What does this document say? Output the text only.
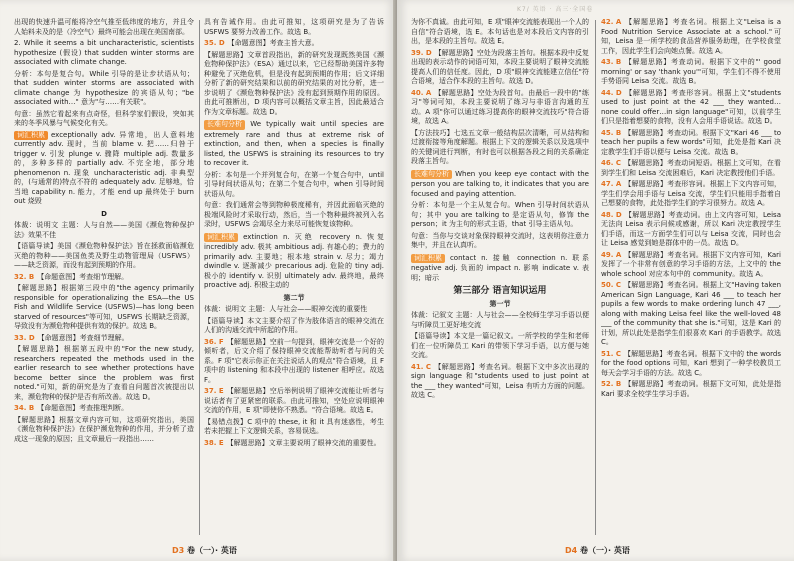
出现的快速升温可能将冷空气推至低纬度的地方，并且令人始料未及的是（冷空气）最终可能会出现在美国南部。
2. While it seems a bit uncharacteristic, scientists hypothesize (假设) that sudden winter storms are associated with climate change.
分析：本句是复合句。While 引导的是让步状语从句；that sudden winter storms are associated with climate change 为 hypothesize 的宾语从句；"be associated with…" 意为"与……有关联"。
句意：虽然它看起来有点奇怪，但科学家们假设，突如其来的冬季风暴与气候变化有关。
词汇积累 exceptionally adv. 异常地，出人意料地 currently adv. 现时，当前 blame v. 把……归咎于 trigger v. 引发 plunge v. 骤降 multiple adj. 数量多的，多种多样的 partially adv. 不完全地，部分地 phenomenon n. 现象 uncharacteristic adj. 非典型的，(与通常的)特点不符的 adequately adv. 足够地，恰当地 capability n. 能力，才能 end up 最终处于 burn out 烧毁
D
体裁：说明文 主题：人与自然——美国《濒危物种保护法》效果不佳
【语篇导读】美国《濒危物种保护法》旨在拯救面临濒危灭绝的物种——美国鱼类及野生动物管理局（USFWS）——缺乏资源，而没有起到预期的作用。
32. B 【命题意图】考查细节理解。
【解题思路】根据第三段中的"the agency primarily responsible for operationalizing the ESA—the US Fish and Wildlife Service (USFWS)—has long been starved of resources"等可知，USFWS 长期缺乏资源，导致没有为濒危物种提供有效的保护。故选 B。
33. D 【命题意图】考查细节理解。
【解题思路】根据第五段中的"For the new study, researchers repeated the methods used in the earlier research to see whether protections have become better since the problem was first noted."可知，新的研究是为了查看自问题首次被提出以来，濒危物种的保护是否有所改善。故选 D。
34. B 【命题意图】考查推理判断。
【解题思路】根据文章内容可知，这项研究指出，美国《濒危物种保护法》在保护濒危物种的作用，并分析了造成这一现象的原因；且文章最后一段指出……
具有告诫作用。由此可推知，这项研究是为了告诉 USFWS 要努力改善工作。故选 B。
35. D 【命题意图】考查主旨大意。
【解题思路】文章首段指出，新的研究发现既然美国《濒危物种保护法》（ESA）通过以来，它已经帮助美国许多物种避免了灭绝危机，但是没有起到预期的作用；后文详细分析了新的研究结果和以前的研究结果的对比分析，进一步说明了《濒危物种保护法》没有起到预期作用的原因。由此可推断出，D 项内容可以概括文章主旨，因此最适合作为文章标题。故选 D。
长难句分析 We typically wait until species are extremely rare and thus at extreme risk of extinction, and then, when a species is finally listed, the USFWS is straining its resources to try to recover it.
分析：本句是一个并列复合句，在第一个复合句中，until 引导时间状语从句；在第二个复合句中，when 引导时间状语从句。
句意：我们通常会等到物种极度稀有，并因此面临灭绝的极端风险时才采取行动，然后，当一个物种最终被列入名录时，USFWS 会竭尽全力来尽可能恢复该物种。
词汇积累 extinction n. 灭绝 recovery n. 恢复 incredibly adv. 极其 ambitious adj. 有雄心的；费力的 primarily adv. 主要地；根本地 strain v. 尽力；竭力 dwindle v. 逐渐减少 precarious adj. 危险的 tiny adj. 极小的 identify v. 识别 ultimately adv. 最终地，最终 proactive adj. 积极主动的
第二节
体裁：说明文 主题：人与社会——眼神交流的重要性
【语篇导读】本文主要介绍了作为肢体语言的眼神交流在人们的沟通交流中所起的作用。
36. F 【解题思路】空前一句提到，眼神交流是一个好的倾听者，后文介绍了保持眼神交流能帮助听者与问的关系。F 项"它表示你正在关注说话人的观点"符合语境，且 F 项中的 listening 和本段中出现的 listener 相呼应。故选 F。
37. E 【解题思路】空后举例说明了眼神交流能让听者与说话者有了更紧密的联系。由此可推知，空处应说明眼神交流的作用，E 项"即使你不熟悉。"符合语境。故选 E。
【易错点拨】C 项中的 these, it 和 it 具有迷惑性，考生若未把握上下文逻辑关系，容易误选。
38. E 【解题思路】文章主要说明了眼神交流的重要性。
D3 卷（一）· 英语
K7/ 英语 · 高三·全国卷
为你不真诚。由此可知，E 项"眼神交流能表现出一个人的自信"符合语境，选 E。本句话也是对本段后文内容的引出，是本段的主旨句。故选 E。
39. D 【解题思路】空处为段落主旨句。根据本段中反复出现的表示动作的词语可知，本段主要说明了眼神交流能提高人们的信任度。因此，D 项"眼神交流能建立信任"符合语境，适合作本段的主旨句。故选 D。
40. A 【解题思路】空处为段首句。由最后一段中的"练习"等词可知，本段主要说明了练习与非语言沟通的互动。A 项"你可以通过练习提高你的眼神交流技巧"符合语境，故选 A。
【方法技巧】七选五文章一般结构层次清晰，可从结构和过渡衔接等角度解题。根据上下文的逻辑关系以及选项中的关键词进行判断，有时也可以根据各段之间的关系确定段落主旨句。
长难句分析 When you keep eye contact with the person you are talking to, it indicates that you are focused and paying attention.
分析：本句是一个主从复合句。When 引导时间状语从句；其中 you are talking to 是定语从句，修饰 the person；it 为主句的形式主语，that 引导主语从句。
句意：当你与交谈对象保持眼神交流时，这表明你注意力集中，并且在认真听。
词汇积累 contact n. 接触 connection n. 联系 negative adj. 负面的 impact n. 影响 indicate v. 表明；暗示
第三部分 语言知识运用
第一节
体裁：记叙文 主题：人与社会——全校师生学习手语以便与听障员工更好地交流
【语篇导读】本文是一篇记叙文。一所学校的学生和老师们在一位听障员工 Kari 的带领下学习手语，以方便与她交流。
41. C 【解题思路】考查名词。根据下文中多次出现的 sign language 和"students used to just point at the ___ they wanted"可知，Leisa 有听力方面的问题。故选 C。
42. A 【解题思路】考查名词。根据上文"Leisa is a Food Nutrition Service Associate at a school."可知，Leisa 是一所学校的食品营养服务助理，在学校食堂工作，因此学生们会向她点餐。故选 A。
43. B 【解题思路】考查动词。根据下文中的"' good morning' or say 'thank you'"可知，学生们不得不使用手势语同 Leisa 交流。故选 B。
44. D 【解题思路】考查形容词。根据上文"students used to just point at the 42 ___ they wanted… none could offer…in sign language"可知，以前学生们只是指着想要的食物，没有人会用手语说话。故选 D。
45. B 【解题思路】考查动词。根据下文"Kari 46 ___ to teach her pupils a few words"可知，此处是指 Kari 决定教学生们手语以便与 Leisa 交流。故选 B。
46. C 【解题思路】考查动词短语。根据上文可知，在看到学生们和 Leisa 交流困难后，Kari 决定教授他们手语。
47. A 【解题思路】考查形容词。根据上下文内容可知，学生们学会用手语与 Leisa 交流，学生们只能用手指着自己想要的食物，此处指学生们的学习很努力。故选 A。
48. D 【解题思路】考查动词。由上文内容可知，Leisa 无法向 Leisa 表示问候或感谢，所以 Kari 决定教授学生们手语，而这一方面学生们可以与 Leisa 交流，同时也会让 Leisa 感觉到她是群体中的一员。故选 D。
49. A 【解题思路】考查名词。根据下文内容可知，Kari 发挥了一个非常有创意的学习手语的方法，上文中的 the whole school 对应本句中的 community。故选 A。
50. C 【解题思路】考查名词。根据上文"Having taken American Sign Language, Kari 46 ___ to teach her pupils a few words to make ordering lunch 47 ___, along with making Leisa feel like the well-loved 48 ___ of the community that she is."可知，这是 Kari 的计划，所以此处是指学生们很喜欢 Kari 的手语教学。故选 C。
51. C 【解题思路】考查名词。根据下文中的 the words for the food options 可知，Kari 想到了一种学校教员工每天会学习手语的方法。故选 C。
52. B 【解题思路】考查动词。根据下文可知，此处是指 Kari 要求全校学生学习手语。
D4 卷（一）· 英语
